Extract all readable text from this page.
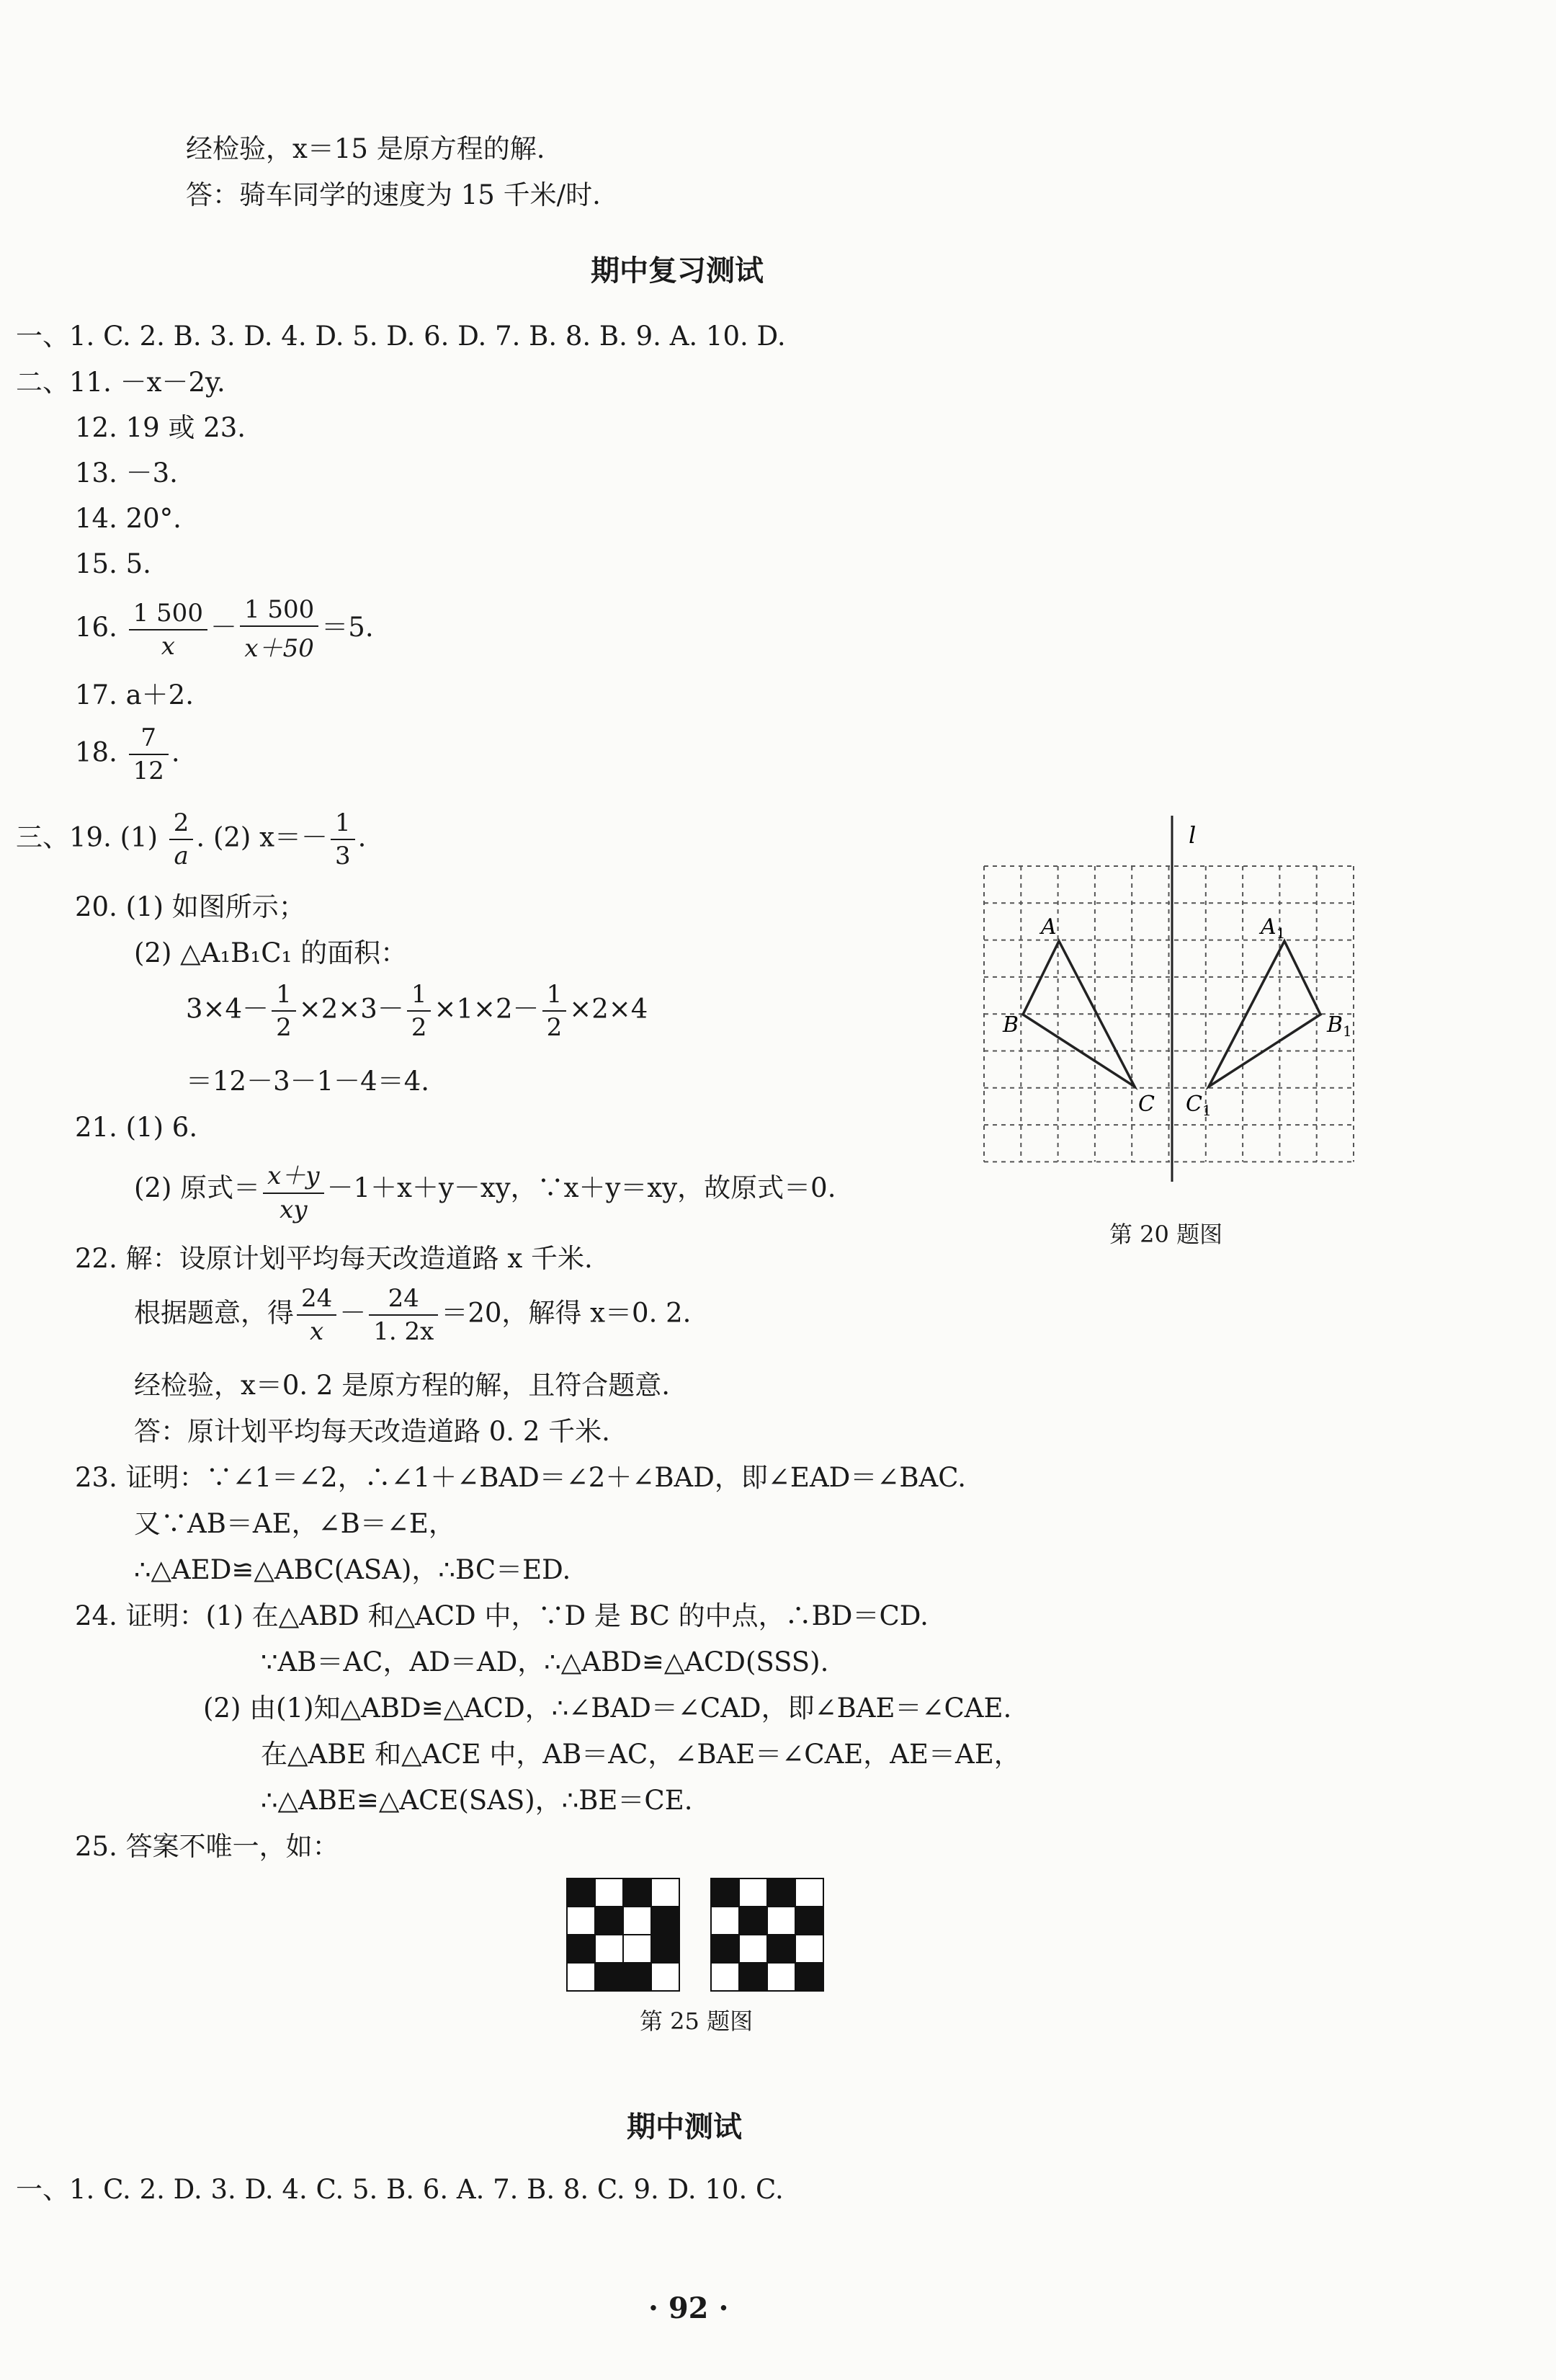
经检验，x＝15 是原方程的解.
答：骑车同学的速度为 15 千米/时.
期中复习测试
一、1. C. 2. B. 3. D. 4. D. 5. D. 6. D. 7. B. 8. B. 9. A. 10. D.
二、11. －x－2y.
12. 19 或 23.
13. －3.
14. 20°.
15. 5.
16. $\frac{1 500}{x} - \frac{1 500}{x+50} =5$.
17. a＋2.
18. $\frac{7}{12}$ .
三、19. $(1) \frac{2}{a}$ . (2) $x=- \frac{1}{3}$ .
20. (1) 如图所示；
(2) △A₁B₁C₁ 的面积：
$3\times 4- \frac{1}{2} \times 2\times 3- \frac{1}{2} \times 1\times 2- \frac{1}{2} \times 2\times 4$
＝12－3－1－4＝4.
21. (1) 6.
(2) 原式＝ $\frac{x+y}{xy} -1+x+y-xy$，∵x＋y＝xy，故原式＝0.
22. 解：设原计划平均每天改造道路 x 千米.
根据题意，得 $\frac{24}{x} - \frac{24}{1. 2x} =20$，解得 x＝0. 2.
经检验，x＝0. 2 是原方程的解，且符合题意.
答：原计划平均每天改造道路 0. 2 千米.
23. 证明：∵∠1＝∠2，∴∠1＋∠BAD＝∠2＋∠BAD，即∠EAD＝∠BAC.
又∵AB＝AE，∠B＝∠E，
∴△AED≌△ABC(ASA)，∴BC＝ED.
24. 证明：(1) 在△ABD 和△ACD 中，∵D 是 BC 的中点，∴BD＝CD.
∵AB＝AC，AD＝AD，∴△ABD≌△ACD(SSS).
(2) 由(1)知△ABD≌△ACD，∴∠BAD＝∠CAD，即∠BAE＝∠CAE.
在△ABE 和△ACE 中，AB＝AC，∠BAE＝∠CAE，AE＝AE，
∴△ABE≌△ACE(SAS)，∴BE＝CE.
25. 答案不唯一，如：
l
A
B
C
$A_1$
$B_1$
$C_1$
第 20 题图
第 25 题图
期中测试
一、1. C. 2. D. 3. D. 4. C. 5. B. 6. A. 7. B. 8. C. 9. D. 10. C.
· 92 ·
